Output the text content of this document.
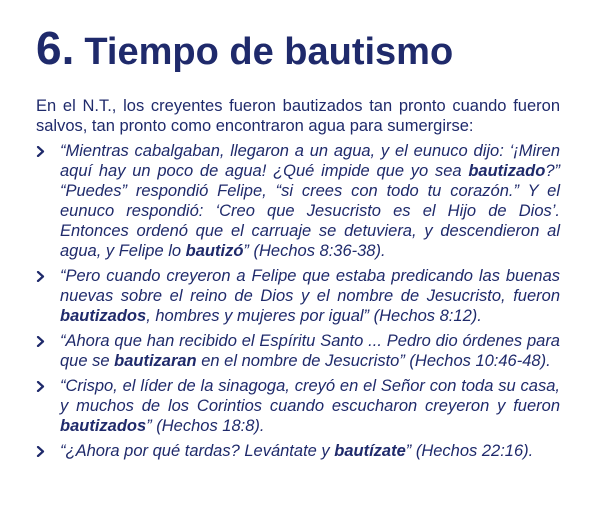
6. Tiempo de bautismo

En el N.T., los creyentes fueron bautizados tan pronto cuando fueron salvos, tan pronto como encontraron agua para sumergirse:

“Mientras cabalgaban, llegaron a un agua, y el eunuco dijo: ‘¡Miren aquí hay un poco de agua! ¿Qué impide que yo sea bautizado?” “Puedes” respondió Felipe, “si crees con todo tu corazón.” Y el eunuco respondió: ‘Creo que Jesucristo es el Hijo de Dios’. Entonces ordenó que el carruaje se detuviera, y descendieron al agua, y Felipe lo bautizó” (Hechos 8:36-38).
“Pero cuando creyeron a Felipe que estaba predicando las buenas nuevas sobre el reino de Dios y el nombre de Jesucristo, fueron bautizados, hombres y mujeres por igual” (Hechos 8:12).
“Ahora que han recibido el Espíritu Santo ... Pedro dio órdenes para que se bautizaran en el nombre de Jesucristo” (Hechos 10:46-48).
“Crispo, el líder de la sinagoga, creyó en el Señor con toda su casa, y muchos de los Corintios cuando escucharon creyeron y fueron bautizados” (Hechos 18:8).
“¿Ahora por qué tardas? Levántate y bautízate” (Hechos 22:16).
